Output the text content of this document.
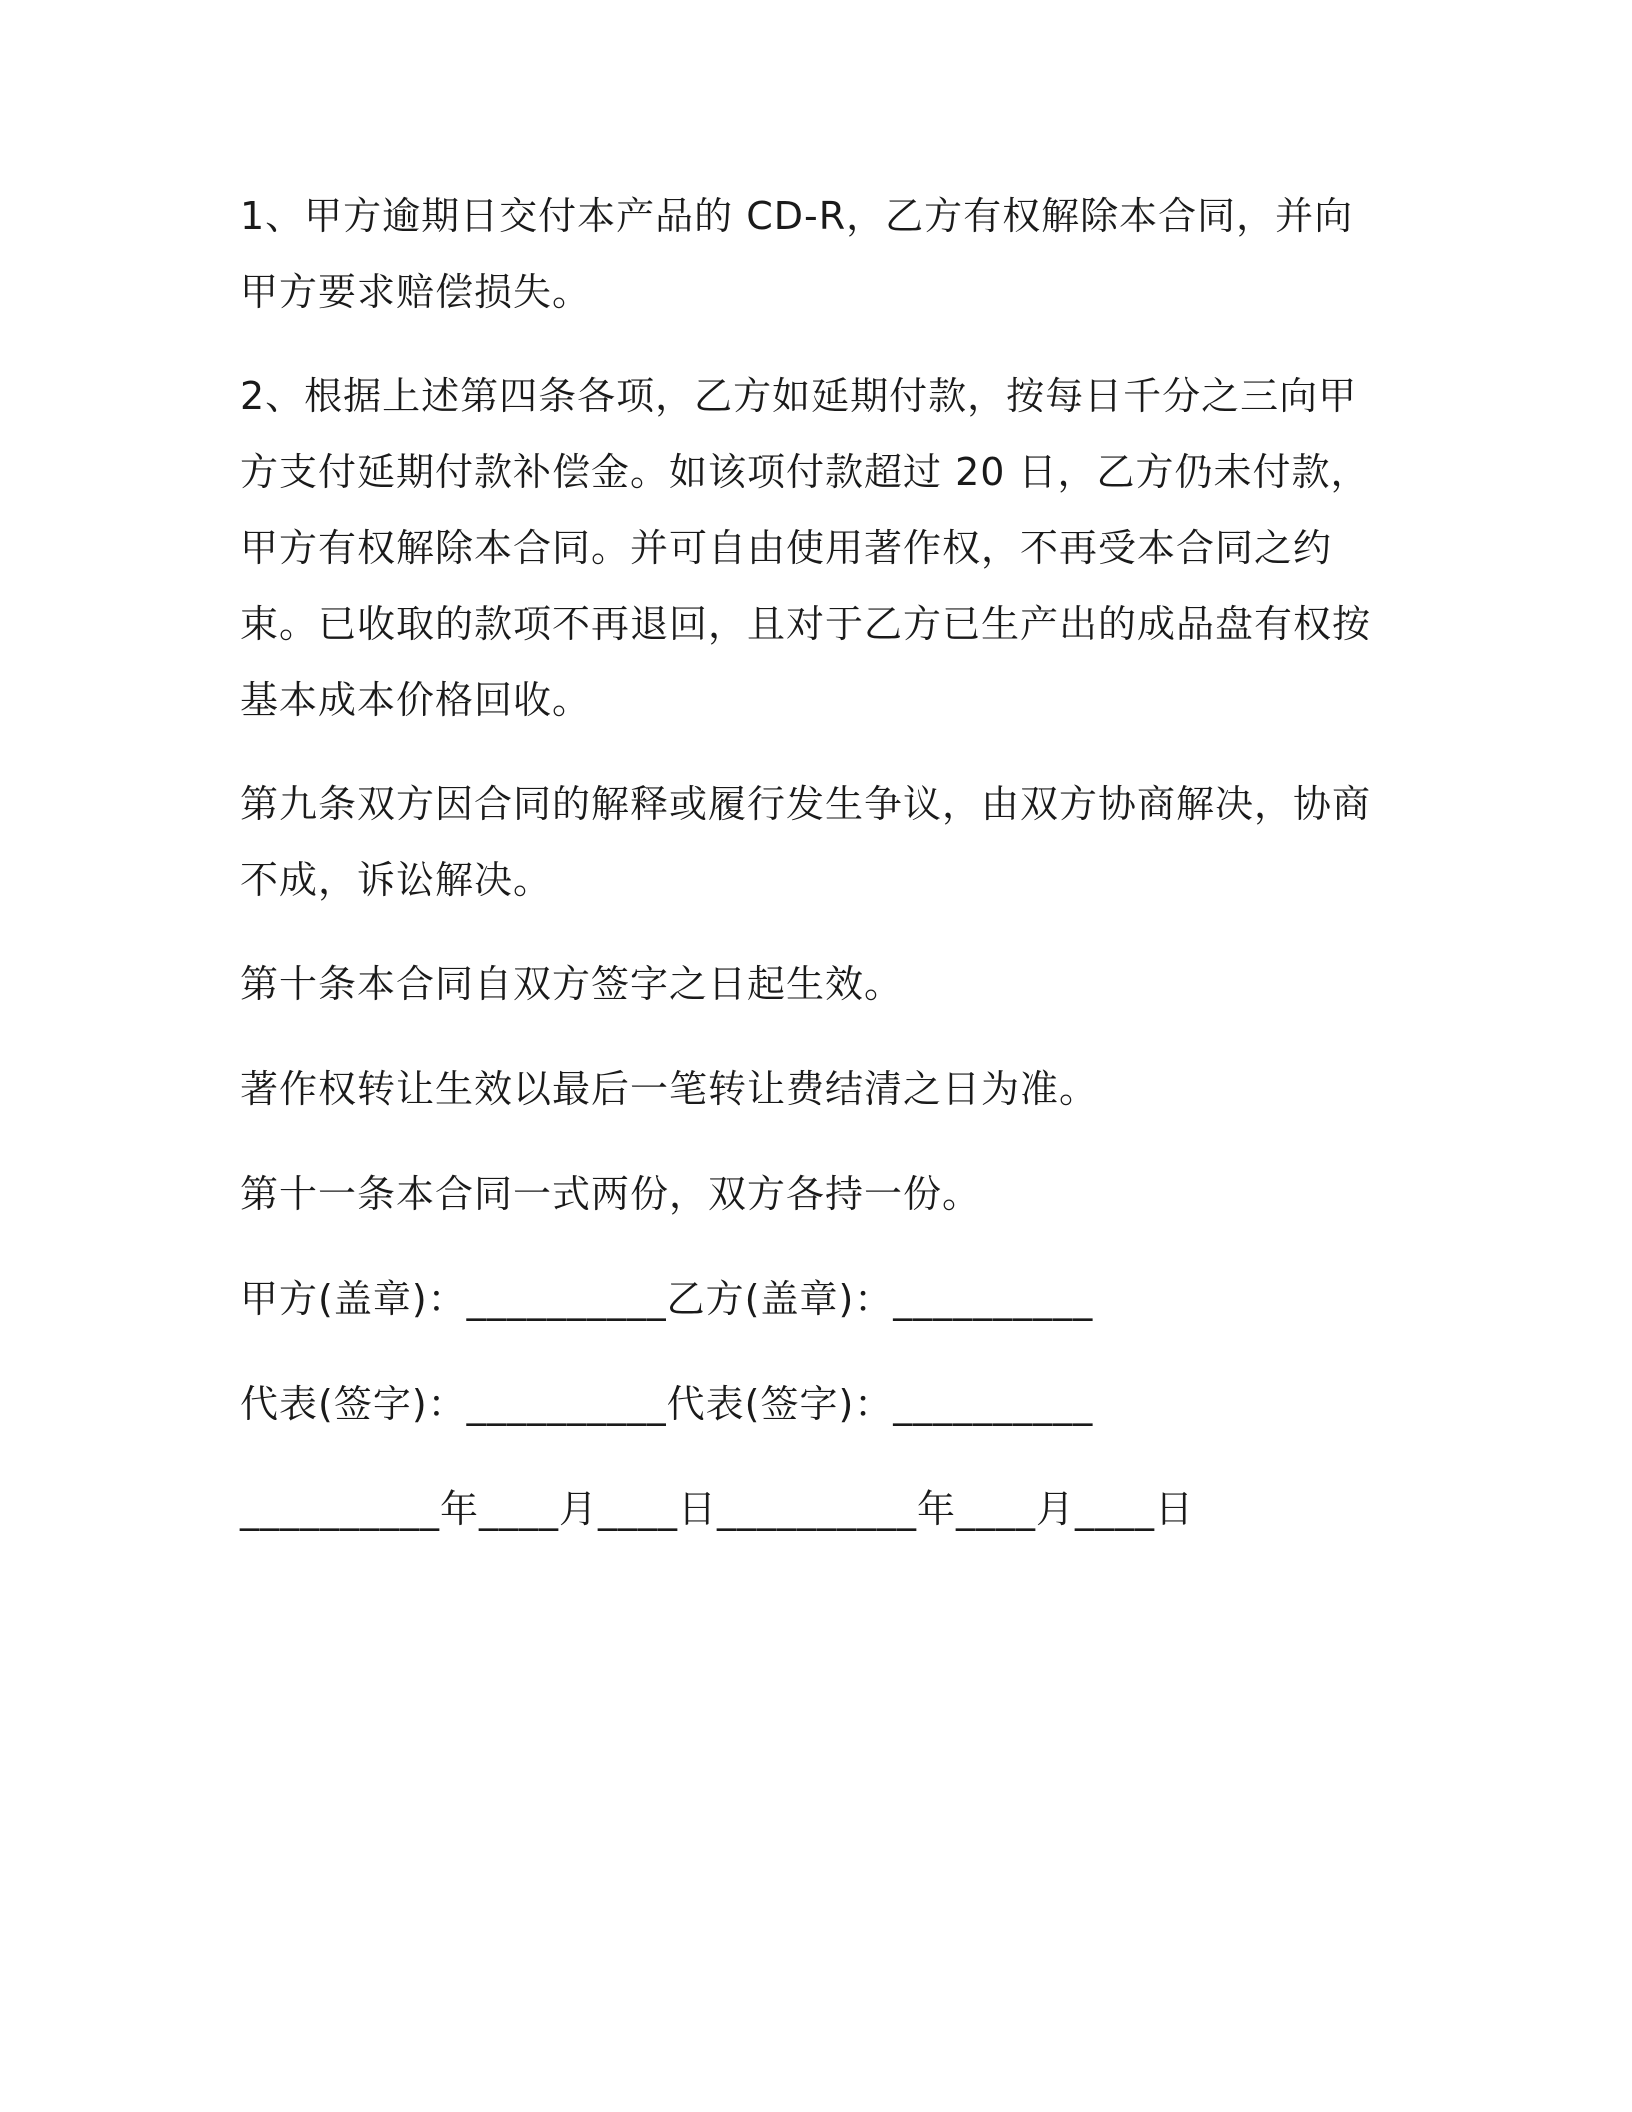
1、甲方逾期日交付本产品的 CD-R，乙方有权解除本合同，并向甲方要求赔偿损失。

2、根据上述第四条各项，乙方如延期付款，按每日千分之三向甲方支付延期付款补偿金。如该项付款超过 20 日，乙方仍未付款，甲方有权解除本合同。并可自由使用著作权，不再受本合同之约束。已收取的款项不再退回，且对于乙方已生产出的成品盘有权按基本成本价格回收。

第九条双方因合同的解释或履行发生争议，由双方协商解决，协商不成，诉讼解决。

第十条本合同自双方签字之日起生效。

著作权转让生效以最后一笔转让费结清之日为准。

第十一条本合同一式两份，双方各持一份。

甲方(盖章)：__________乙方(盖章)：__________

代表(签字)：__________代表(签字)：__________

__________年____月____日__________年____月____日
